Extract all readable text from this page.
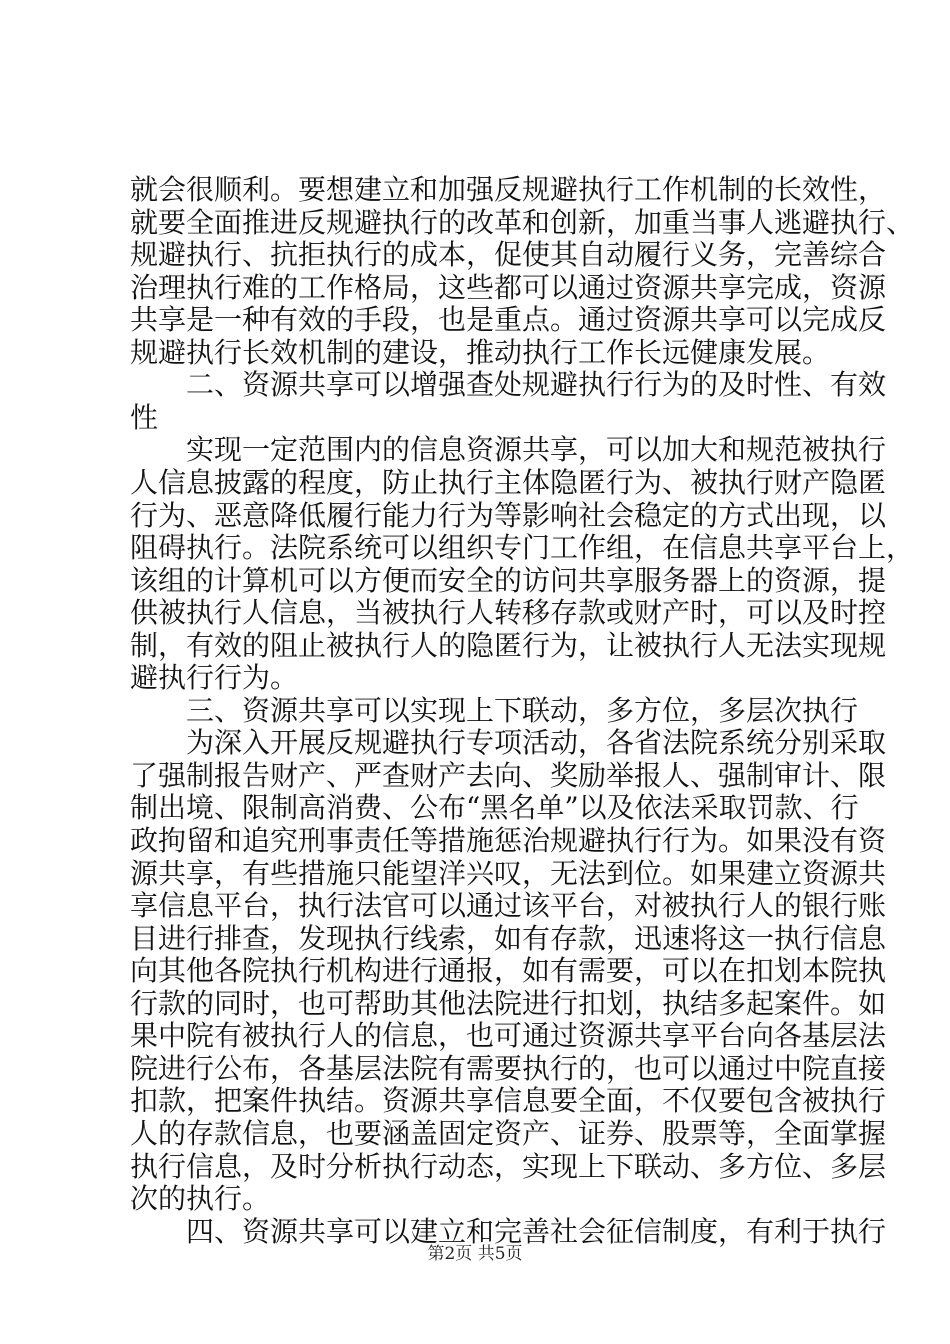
就会很顺利。要想建立和加强反规避执行工作机制的长效性，
就要全面推进反规避执行的改革和创新，加重当事人逃避执行、
规避执行、抗拒执行的成本，促使其自动履行义务，完善综合
治理执行难的工作格局，这些都可以通过资源共享完成，资源
共享是一种有效的手段，也是重点。通过资源共享可以完成反
规避执行长效机制的建设，推动执行工作长远健康发展。
　　二、资源共享可以增强查处规避执行行为的及时性、有效
性
　　实现一定范围内的信息资源共享，可以加大和规范被执行
人信息披露的程度，防止执行主体隐匿行为、被执行财产隐匿
行为、恶意降低履行能力行为等影响社会稳定的方式出现，以
阻碍执行。法院系统可以组织专门工作组，在信息共享平台上，
该组的计算机可以方便而安全的访问共享服务器上的资源，提
供被执行人信息，当被执行人转移存款或财产时，可以及时控
制，有效的阻止被执行人的隐匿行为，让被执行人无法实现规
避执行行为。
　　三、资源共享可以实现上下联动，多方位，多层次执行
　　为深入开展反规避执行专项活动，各省法院系统分别采取
了强制报告财产、严查财产去向、奖励举报人、强制审计、限
制出境、限制高消费、公布“黑名单”以及依法采取罚款、行
政拘留和追究刑事责任等措施惩治规避执行行为。如果没有资
源共享，有些措施只能望洋兴叹，无法到位。如果建立资源共
享信息平台，执行法官可以通过该平台，对被执行人的银行账
目进行排查，发现执行线索，如有存款，迅速将这一执行信息
向其他各院执行机构进行通报，如有需要，可以在扣划本院执
行款的同时，也可帮助其他法院进行扣划，执结多起案件。如
果中院有被执行人的信息，也可通过资源共享平台向各基层法
院进行公布，各基层法院有需要执行的，也可以通过中院直接
扣款，把案件执结。资源共享信息要全面，不仅要包含被执行
人的存款信息，也要涵盖固定资产、证券、股票等，全面掌握
执行信息，及时分析执行动态，实现上下联动、多方位、多层
次的执行。
　　四、资源共享可以建立和完善社会征信制度，有利于执行
第2页 共5页
